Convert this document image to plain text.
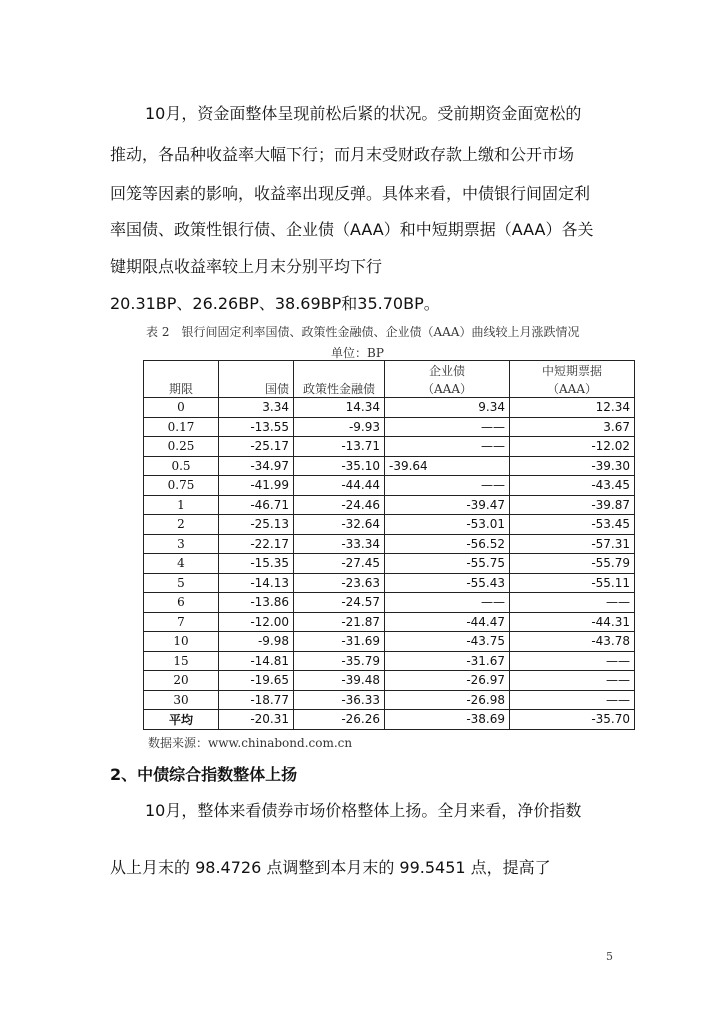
10月，资金面整体呈现前松后紧的状况。受前期资金面宽松的
推动，各品种收益率大幅下行；而月末受财政存款上缴和公开市场
回笼等因素的影响，收益率出现反弹。具体来看，中债银行间固定利
率国债、政策性银行债、企业债（AAA）和中短期票据（AAA）各关
键期限点收益率较上月末分别平均下行
20.31BP、26.26BP、38.69BP和35.70BP。
表 2　银行间固定利率国债、政策性金融债、企业债（AAA）曲线较上月涨跌情况
单位：BP
			企业债	中短期票据
期限	国债	政策性金融债	（AAA）	（AAA）
0	3.34	14.34	9.34	12.34
0.17	-13.55	-9.93	——	3.67
0.25	-25.17	-13.71	——	-12.02
0.5	-34.97	-35.10	-39.64	-39.30
0.75	-41.99	-44.44	——	-43.45
1	-46.71	-24.46	-39.47	-39.87
2	-25.13	-32.64	-53.01	-53.45
3	-22.17	-33.34	-56.52	-57.31
4	-15.35	-27.45	-55.75	-55.79
5	-14.13	-23.63	-55.43	-55.11
6	-13.86	-24.57	——	——
7	-12.00	-21.87	-44.47	-44.31
10	-9.98	-31.69	-43.75	-43.78
15	-14.81	-35.79	-31.67	——
20	-19.65	-39.48	-26.97	——
30	-18.77	-36.33	-26.98	——
平均	-20.31	-26.26	-38.69	-35.70
数据来源：www.chinabond.com.cn
2、中债综合指数整体上扬
10月，整体来看债券市场价格整体上扬。全月来看，净价指数
从上月末的 98.4726 点调整到本月末的 99.5451 点，提高了
5
